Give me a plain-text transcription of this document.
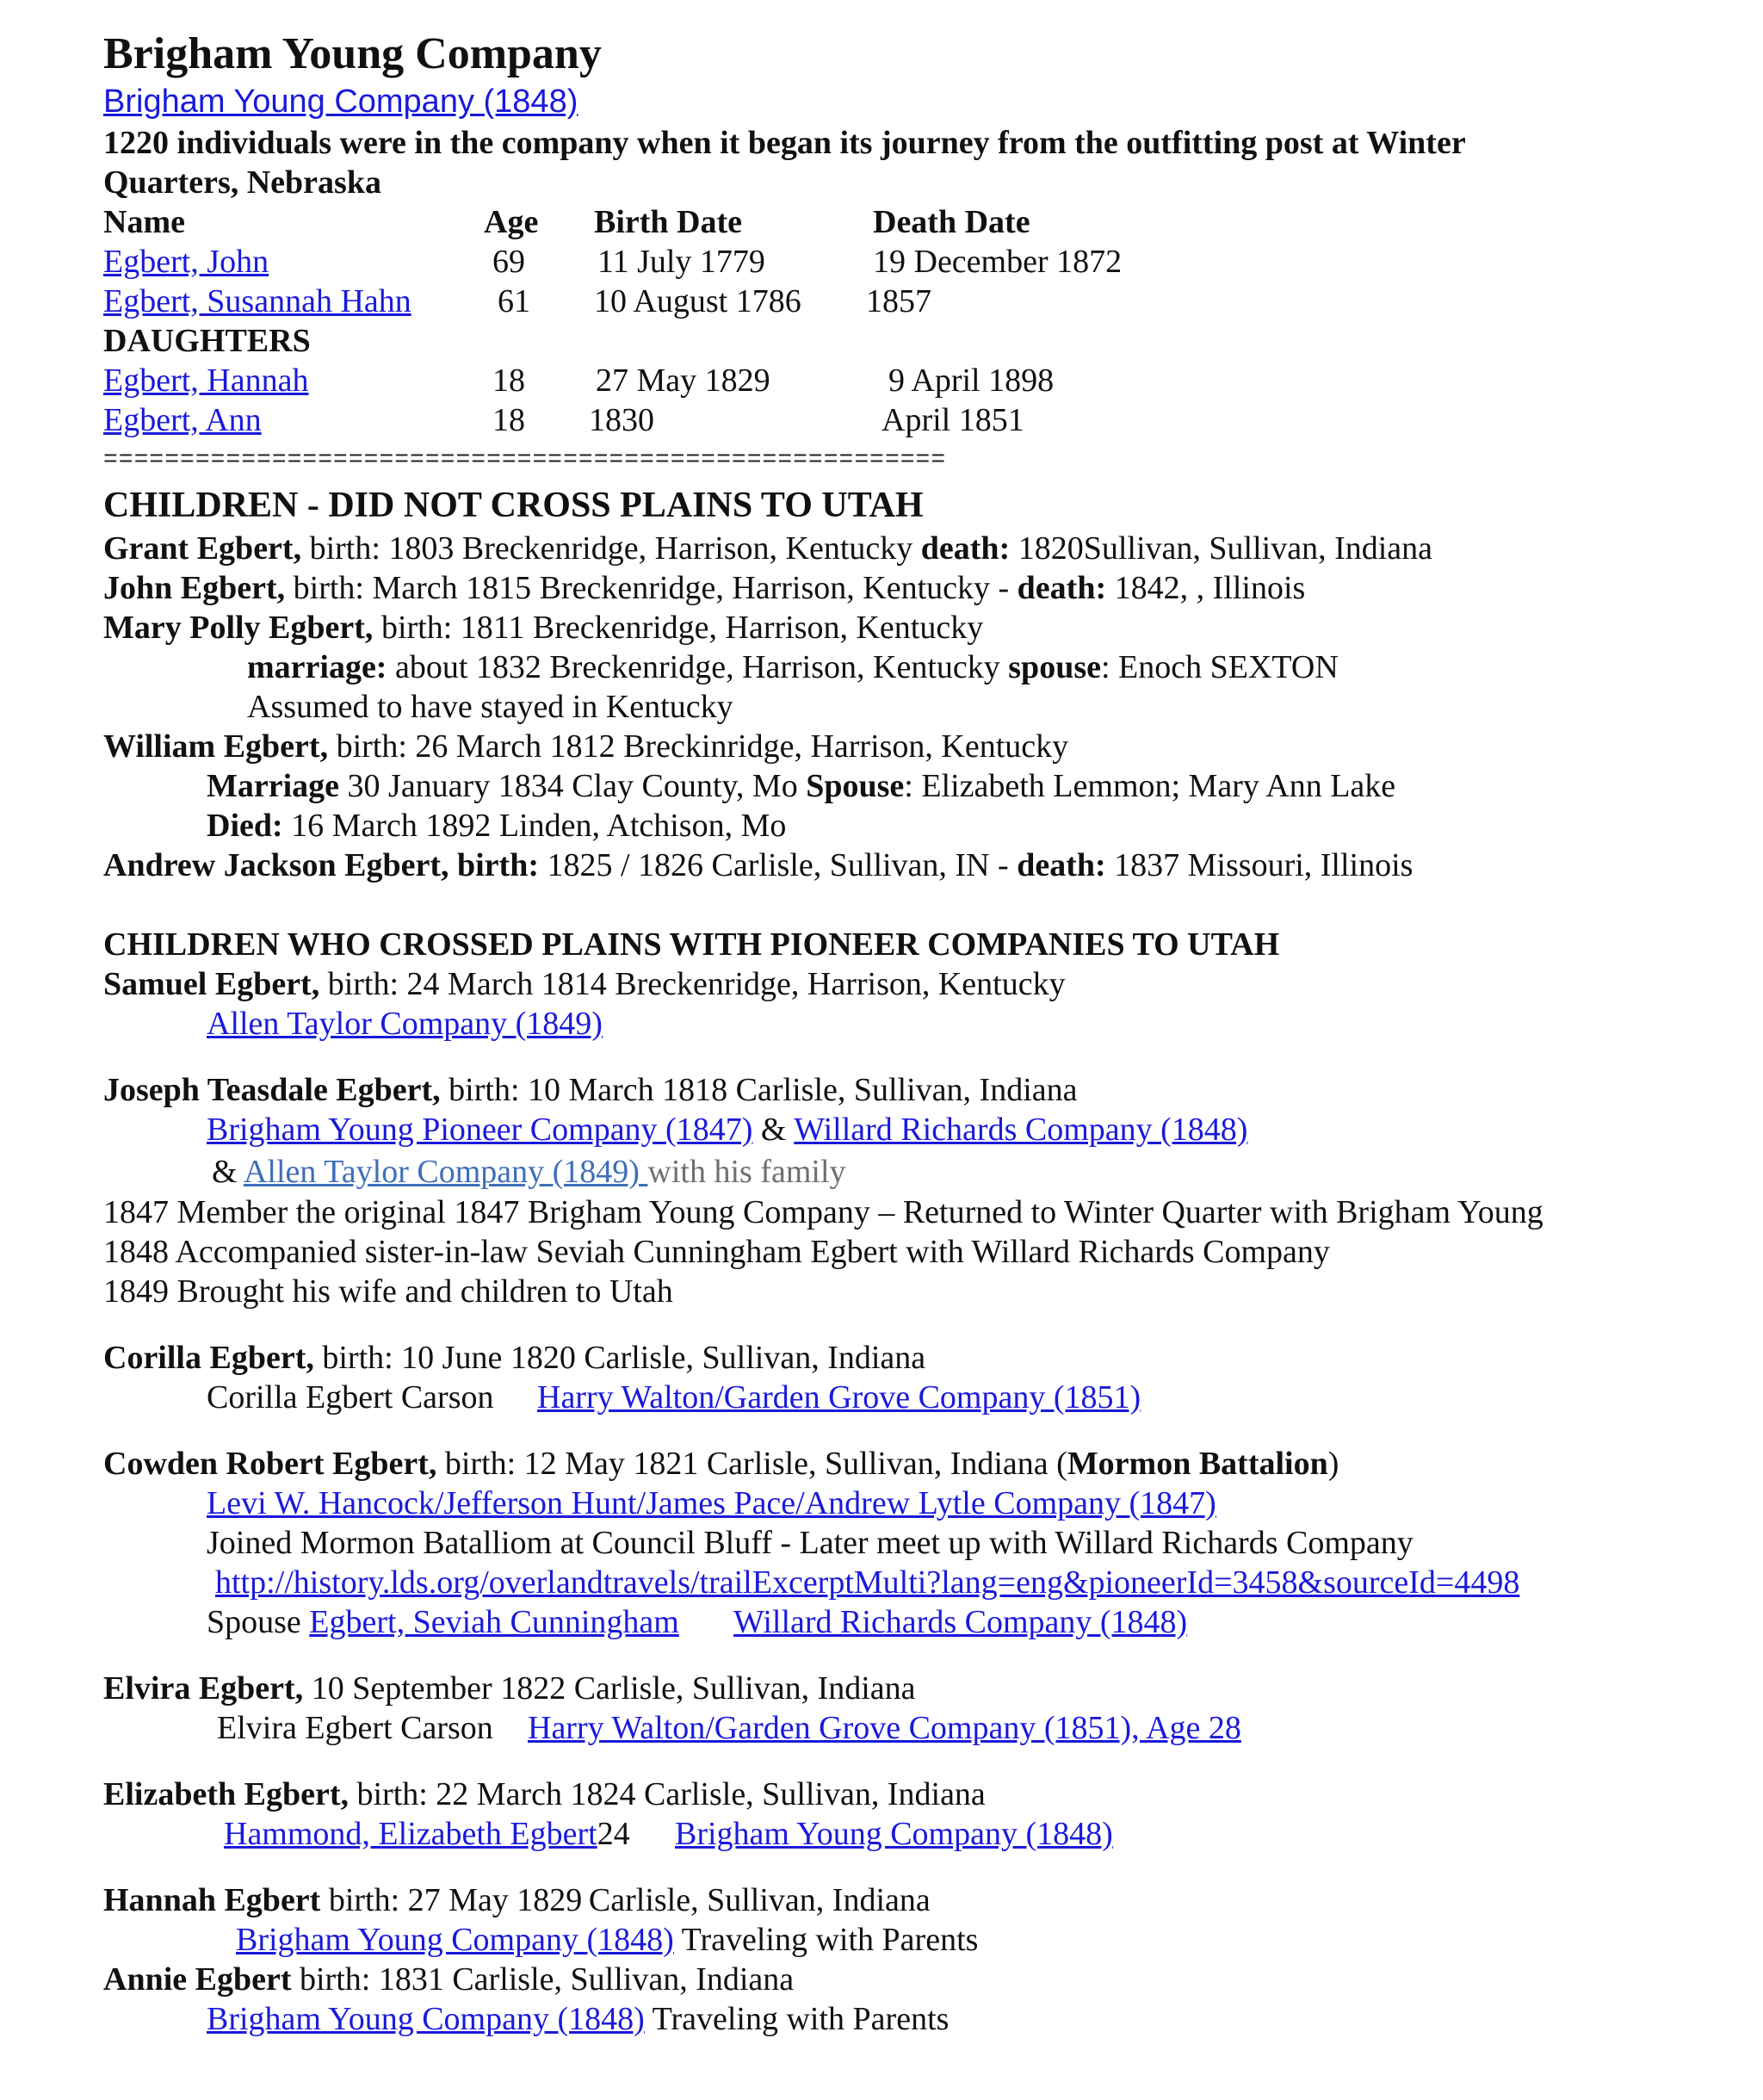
Brigham Young Company
Brigham Young Company (1848)
1220 individuals were in the company when it began its journey from the outfitting post at Winter
Quarters, Nebraska
Name	Age Birth Date	Death Date
Egbert, John	69 11 July 1779	19 December 1872
Egbert, Susannah Hahn	61 10 August 1786 1857
DAUGHTERS
Egbert, Hannah	18 27 May 1829	9 April 1898
Egbert, Ann	18 1830	April 1851
=======================================================
CHILDREN - DID NOT CROSS PLAINS TO UTAH
Grant Egbert, birth: 1803 Breckenridge, Harrison, Kentucky death: 1820Sullivan, Sullivan, Indiana
John Egbert, birth: March 1815 Breckenridge, Harrison, Kentucky - death: 1842, , Illinois
Mary Polly Egbert, birth: 1811 Breckenridge, Harrison, Kentucky
marriage: about 1832 Breckenridge, Harrison, Kentucky spouse: Enoch SEXTON
Assumed to have stayed in Kentucky
William Egbert, birth: 26 March 1812 Breckinridge, Harrison, Kentucky
Marriage 30 January 1834 Clay County, Mo Spouse: Elizabeth Lemmon; Mary Ann Lake
Died: 16 March 1892 Linden, Atchison, Mo
Andrew Jackson Egbert, birth: 1825 / 1826 Carlisle, Sullivan, IN - death: 1837 Missouri, Illinois
CHILDREN WHO CROSSED PLAINS WITH PIONEER COMPANIES TO UTAH
Samuel Egbert, birth: 24 March 1814 Breckenridge, Harrison, Kentucky
Allen Taylor Company (1849)
Joseph Teasdale Egbert, birth: 10 March 1818 Carlisle, Sullivan, Indiana
Brigham Young Pioneer Company (1847) & Willard Richards Company (1848)
& Allen Taylor Company (1849) with his family
1847 Member the original 1847 Brigham Young Company – Returned to Winter Quarter with Brigham Young
1848 Accompanied sister-in-law Seviah Cunningham Egbert with Willard Richards Company
1849 Brought his wife and children to Utah
Corilla Egbert, birth: 10 June 1820 Carlisle, Sullivan, Indiana
Corilla Egbert Carson Harry Walton/Garden Grove Company (1851)
Cowden Robert Egbert, birth: 12 May 1821 Carlisle, Sullivan, Indiana (Mormon Battalion)
Levi W. Hancock/Jefferson Hunt/James Pace/Andrew Lytle Company (1847)
Joined Mormon Batalliom at Council Bluff - Later meet up with Willard Richards Company
http://history.lds.org/overlandtravels/trailExcerptMulti?lang=eng&pioneerId=3458&sourceId=4498
Spouse Egbert, Seviah Cunningham Willard Richards Company (1848)
Elvira Egbert, 10 September 1822 Carlisle, Sullivan, Indiana
Elvira Egbert Carson Harry Walton/Garden Grove Company (1851), Age 28
Elizabeth Egbert, birth: 22 March 1824 Carlisle, Sullivan, Indiana
Hammond, Elizabeth Egbert24 Brigham Young Company (1848)
Hannah Egbert birth: 27 May 1829 Carlisle, Sullivan, Indiana
Brigham Young Company (1848) Traveling with Parents
Annie Egbert birth: 1831 Carlisle, Sullivan, Indiana
Brigham Young Company (1848) Traveling with Parents
